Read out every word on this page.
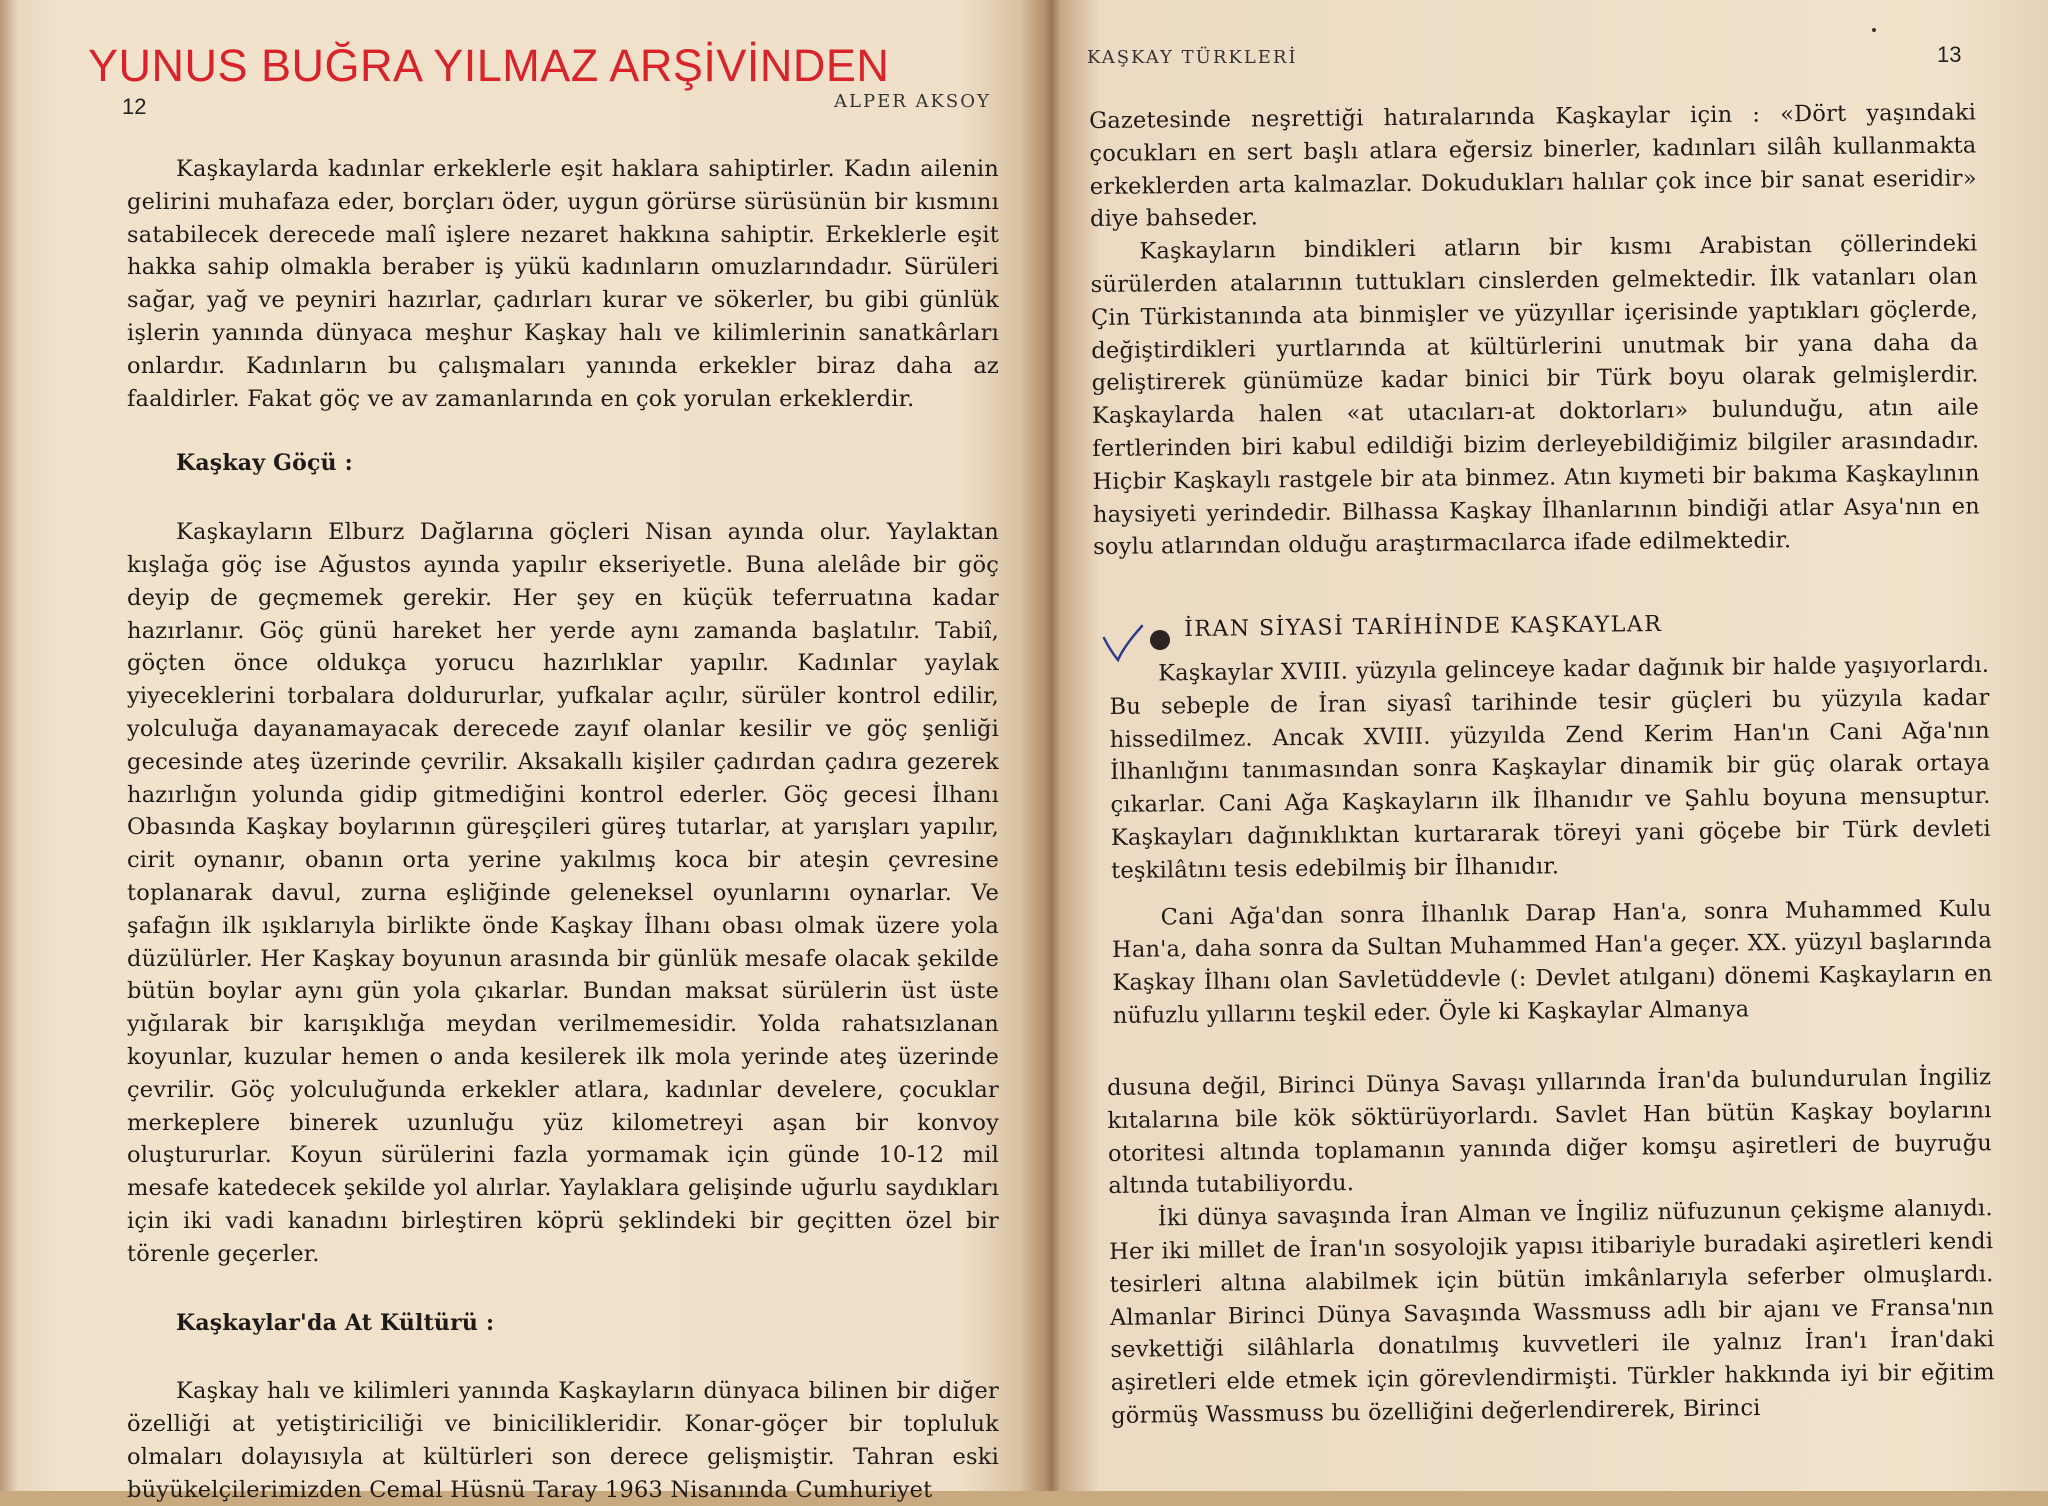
YUNUS BUĞRA YILMAZ ARŞİVİNDEN
12	ALPER AKSOY

Kaşkaylarda kadınlar erkeklerle eşit haklara sahiptirler. Kadın ailenin gelirini muhafaza eder, borçları öder, uygun görürse sürüsünün bir kısmını satabilecek derecede malî işlere nezaret hakkına sahiptir. Erkeklerle eşit hakka sahip olmakla beraber iş yükü kadınların omuzlarındadır. Sürüleri sağar, yağ ve peyniri hazırlar, çadırları kurar ve sökerler, bu gibi günlük işlerin yanında dünyaca meşhur Kaşkay halı ve kilimlerinin sanatkârları onlardır. Kadınların bu çalışmaları yanında erkekler biraz daha az faaldirler. Fakat göç ve av zamanlarında en çok yorulan erkeklerdir.

Kaşkay Göçü :

Kaşkayların Elburz Dağlarına göçleri Nisan ayında olur. Yaylaktan kışlağa göç ise Ağustos ayında yapılır ekseriyetle. Buna alelâde bir göç deyip de geçmemek gerekir. Her şey en küçük teferruatına kadar hazırlanır. Göç günü hareket her yerde aynı zamanda başlatılır. Tabiî, göçten önce oldukça yorucu hazırlıklar yapılır. Kadınlar yaylak yiyeceklerini torbalara doldururlar, yufkalar açılır, sürüler kontrol edilir, yolculuğa dayanamayacak derecede zayıf olanlar kesilir ve göç şenliği gecesinde ateş üzerinde çevrilir. Aksakallı kişiler çadırdan çadıra gezerek hazırlığın yolunda gidip gitmediğini kontrol ederler. Göç gecesi İlhanı Obasında Kaşkay boylarının güreşçileri güreş tutarlar, at yarışları yapılır, cirit oynanır, obanın orta yerine yakılmış koca bir ateşin çevresine toplanarak davul, zurna eşliğinde geleneksel oyunlarını oynarlar. Ve şafağın ilk ışıklarıyla birlikte önde Kaşkay İlhanı obası olmak üzere yola düzülürler. Her Kaşkay boyunun arasında bir günlük mesafe olacak şekilde bütün boylar aynı gün yola çıkarlar. Bundan maksat sürülerin üst üste yığılarak bir karışıklığa meydan verilmemesidir. Yolda rahatsızlanan koyunlar, kuzular hemen o anda kesilerek ilk mola yerinde ateş üzerinde çevrilir. Göç yolculuğunda erkekler atlara, kadınlar develere, çocuklar merkeplere binerek uzunluğu yüz kilometreyi aşan bir konvoy oluştururlar. Koyun sürülerini fazla yormamak için günde 10-12 mil mesafe katedecek şekilde yol alırlar. Yaylaklara gelişinde uğurlu saydıkları için iki vadi kanadını birleştiren köprü şeklindeki bir geçitten özel bir törenle geçerler.

Kaşkaylar'da At Kültürü :

Kaşkay halı ve kilimleri yanında Kaşkayların dünyaca bilinen bir diğer özelliği at yetiştiriciliği ve binicilikleridir. Konar-göçer bir topluluk olmaları dolayısıyla at kültürleri son derece gelişmiştir. Tahran eski büyükelçilerimizden Cemal Hüsnü Taray 1963 Nisanında Cumhuriyet

KAŞKAY TÜRKLERİ	13

Gazetesinde neşrettiği hatıralarında Kaşkaylar için : «Dört yaşındaki çocukları en sert başlı atlara eğersiz binerler, kadınları silâh kullanmakta erkeklerden arta kalmazlar. Dokudukları halılar çok ince bir sanat eseridir» diye bahseder.

Kaşkayların bindikleri atların bir kısmı Arabistan çöllerindeki sürülerden atalarının tuttukları cinslerden gelmektedir. İlk vatanları olan Çin Türkistanında ata binmişler ve yüzyıllar içerisinde yaptıkları göçlerde, değiştirdikleri yurtlarında at kültürlerini unutmak bir yana daha da geliştirerek günümüze kadar binici bir Türk boyu olarak gelmişlerdir. Kaşkaylarda halen «at utacıları-at doktorları» bulunduğu, atın aile fertlerinden biri kabul edildiği bizim derleyebildiğimiz bilgiler arasındadır. Hiçbir Kaşkaylı rastgele bir ata binmez. Atın kıymeti bir bakıma Kaşkaylının haysiyeti yerindedir. Bilhassa Kaşkay İlhanlarının bindiği atlar Asya'nın en soylu atlarından olduğu araştırmacılarca ifade edilmektedir.

İRAN SİYASİ TARİHİNDE KAŞKAYLAR

Kaşkaylar XVIII. yüzyıla gelinceye kadar dağınık bir halde yaşıyorlardı. Bu sebeple de İran siyasî tarihinde tesir güçleri bu yüzyıla kadar hissedilmez. Ancak XVIII. yüzyılda Zend Kerim Han'ın Cani Ağa'nın İlhanlığını tanımasından sonra Kaşkaylar dinamik bir güç olarak ortaya çıkarlar. Cani Ağa Kaşkayların ilk İlhanıdır ve Şahlu boyuna mensuptur. Kaşkayları dağınıklıktan kurtararak töreyi yani göçebe bir Türk devleti teşkilâtını tesis edebilmiş bir İlhanıdır.

Cani Ağa'dan sonra İlhanlık Darap Han'a, sonra Muhammed Kulu Han'a, daha sonra da Sultan Muhammed Han'a geçer. XX. yüzyıl başlarında Kaşkay İlhanı olan Savletüddevle (: Devlet atılganı) dönemi Kaşkayların en nüfuzlu yıllarını teşkil eder. Öyle ki Kaşkaylar Almanya

dusuna değil, Birinci Dünya Savaşı yıllarında İran'da bulundurulan İngiliz kıtalarına bile kök söktürüyorlardı. Savlet Han bütün Kaşkay boylarını otoritesi altında toplamanın yanında diğer komşu aşiretleri de buyruğu altında tutabiliyordu.

İki dünya savaşında İran Alman ve İngiliz nüfuzunun çekişme alanıydı. Her iki millet de İran'ın sosyolojik yapısı itibariyle buradaki aşiretleri kendi tesirleri altına alabilmek için bütün imkânlarıyla seferber olmuşlardı. Almanlar Birinci Dünya Savaşında Wassmuss adlı bir ajanı ve Fransa'nın sevkettiği silâhlarla donatılmış kuvvetleri ile yalnız İran'ı İran'daki aşiretleri elde etmek için görevlendirmişti. Türkler hakkında iyi bir eğitim görmüş Wassmuss bu özelliğini değerlendirerek, Birinci
